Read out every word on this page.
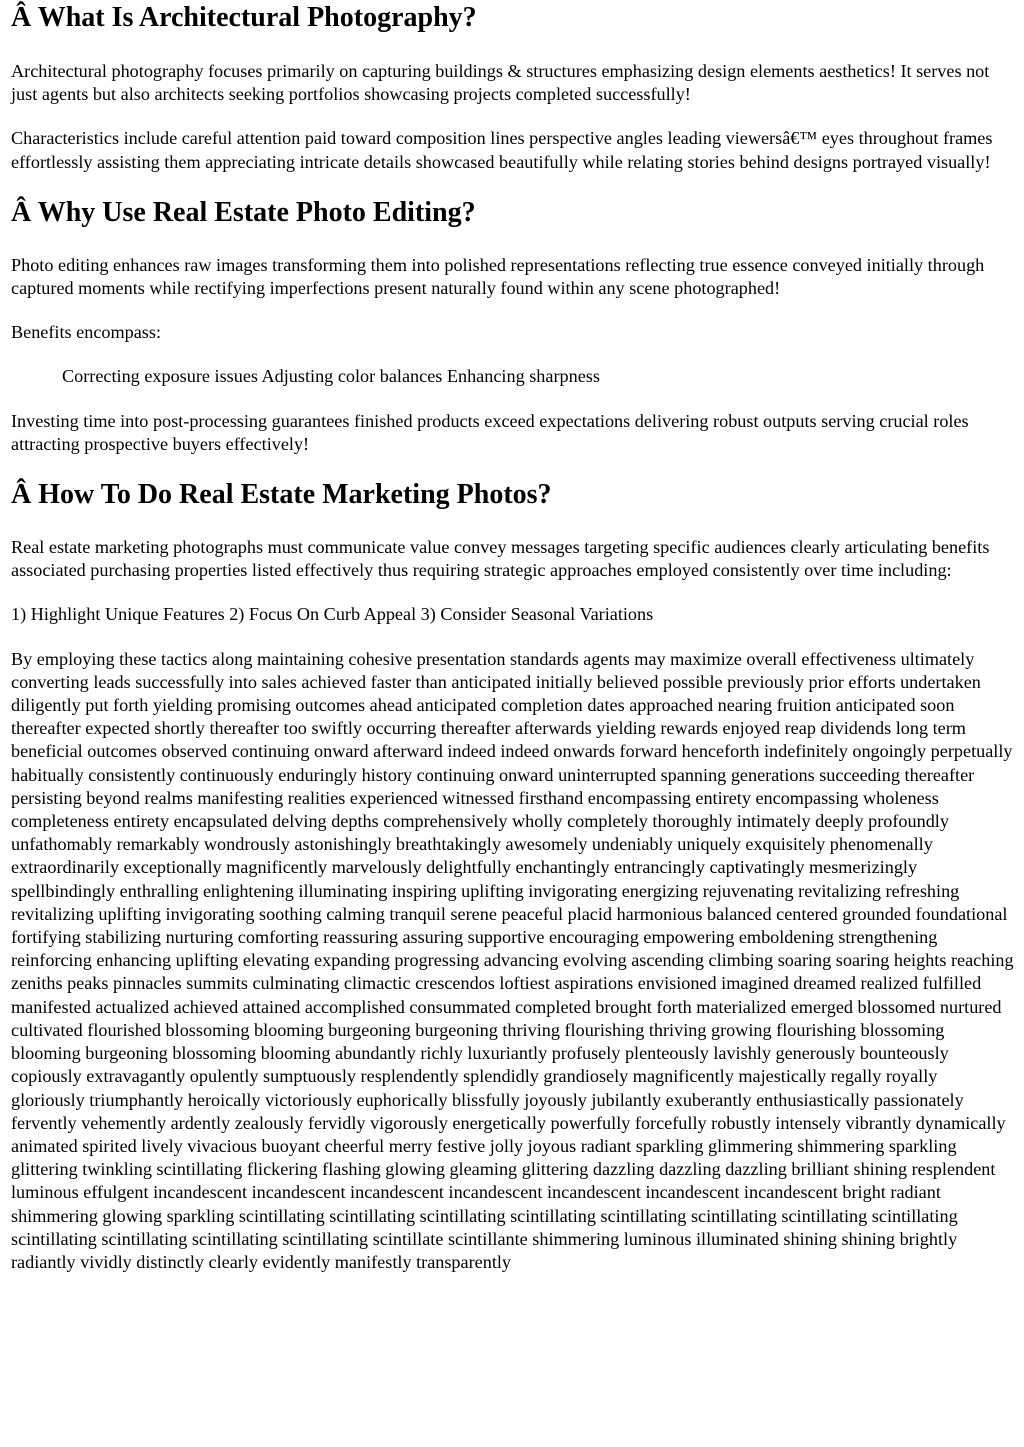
Â What Is Architectural Photography?

Architectural photography focuses primarily on capturing buildings & structures emphasizing design elements aesthetics! It serves not just agents but also architects seeking portfolios showcasing projects completed successfully!

Characteristics include careful attention paid toward composition lines perspective angles leading viewersâ€™ eyes throughout frames effortlessly assisting them appreciating intricate details showcased beautifully while relating stories behind designs portrayed visually!

Â Why Use Real Estate Photo Editing?

Photo editing enhances raw images transforming them into polished representations reflecting true essence conveyed initially through captured moments while rectifying imperfections present naturally found within any scene photographed!

Benefits encompass:

Correcting exposure issues Adjusting color balances Enhancing sharpness

Investing time into post-processing guarantees finished products exceed expectations delivering robust outputs serving crucial roles attracting prospective buyers effectively!

Â How To Do Real Estate Marketing Photos?

Real estate marketing photographs must communicate value convey messages targeting specific audiences clearly articulating benefits associated purchasing properties listed effectively thus requiring strategic approaches employed consistently over time including:

1) Highlight Unique Features 2) Focus On Curb Appeal 3) Consider Seasonal Variations

By employing these tactics along maintaining cohesive presentation standards agents may maximize overall effectiveness ultimately converting leads successfully into sales achieved faster than anticipated initially believed possible previously prior efforts undertaken diligently put forth yielding promising outcomes ahead anticipated completion dates approached nearing fruition anticipated soon thereafter expected shortly thereafter too swiftly occurring thereafter afterwards yielding rewards enjoyed reap dividends long term beneficial outcomes observed continuing onward afterward indeed indeed onwards forward henceforth indefinitely ongoingly perpetually habitually consistently continuously enduringly history continuing onward uninterrupted spanning generations succeeding thereafter persisting beyond realms manifesting realities experienced witnessed firsthand encompassing entirety encompassing wholeness completeness entirety encapsulated delving depths comprehensively wholly completely thoroughly intimately deeply profoundly unfathomably remarkably wondrously astonishingly breathtakingly awesomely undeniably uniquely exquisitely phenomenally extraordinarily exceptionally magnificently marvelously delightfully enchantingly entrancingly captivatingly mesmerizingly spellbindingly enthralling enlightening illuminating inspiring uplifting invigorating energizing rejuvenating revitalizing refreshing revitalizing uplifting invigorating soothing calming tranquil serene peaceful placid harmonious balanced centered grounded foundational fortifying stabilizing nurturing comforting reassuring assuring supportive encouraging empowering emboldening strengthening reinforcing enhancing uplifting elevating expanding progressing advancing evolving ascending climbing soaring soaring heights reaching zeniths peaks pinnacles summits culminating climactic crescendos loftiest aspirations envisioned imagined dreamed realized fulfilled manifested actualized achieved attained accomplished consummated completed brought forth materialized emerged blossomed nurtured cultivated flourished blossoming blooming burgeoning burgeoning thriving flourishing thriving growing flourishing blossoming blooming burgeoning blossoming blooming abundantly richly luxuriantly profusely plenteously lavishly generously bounteously copiously extravagantly opulently sumptuously resplendently splendidly grandiosely magnificently majestically regally royally gloriously triumphantly heroically victoriously euphorically blissfully joyously jubilantly exuberantly enthusiastically passionately fervently vehemently ardently zealously fervidly vigorously energetically powerfully forcefully robustly intensely vibrantly dynamically animated spirited lively vivacious buoyant cheerful merry festive jolly joyous radiant sparkling glimmering shimmering sparkling glittering twinkling scintillating flickering flashing glowing gleaming glittering dazzling dazzling dazzling brilliant shining resplendent luminous effulgent incandescent incandescent incandescent incandescent incandescent incandescent incandescent bright radiant shimmering glowing sparkling scintillating scintillating scintillating scintillating scintillating scintillating scintillating scintillating scintillating scintillating scintillating scintillating scintillate scintillante shimmering luminous illuminated shining shining brightly radiantly vividly distinctly clearly evidently manifestly transparently
